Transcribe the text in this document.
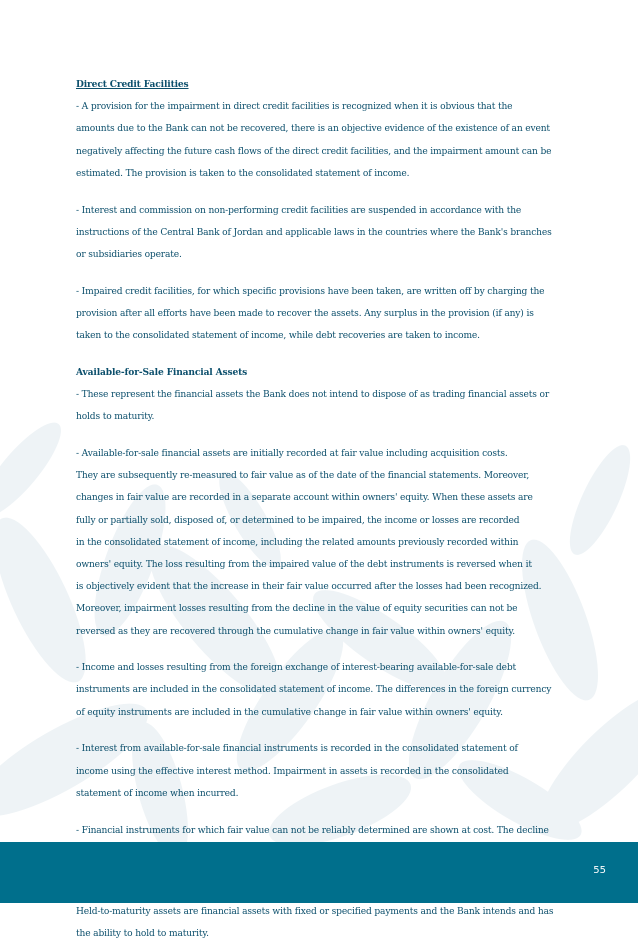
Direct Credit Facilities
- A provision for the impairment in direct credit facilities is recognized when it is obvious that the
amounts due to the Bank can not be recovered, there is an objective evidence of the existence of an event
negatively affecting the future cash flows of the direct credit facilities, and the impairment amount can be
estimated. The provision is taken to the consolidated statement of income.
- Interest and commission on non-performing credit facilities are suspended in accordance with the
instructions of the Central Bank of Jordan and applicable laws in the countries where the Bank's branches
or subsidiaries operate.
- Impaired credit facilities, for which specific provisions have been taken, are written off by charging the
provision after all efforts have been made to recover the assets. Any surplus in the provision (if any) is
taken to the consolidated statement of income, while debt recoveries are taken to income.
Available-for-Sale Financial Assets
- These represent the financial assets the Bank does not intend to dispose of as trading financial assets or
holds to maturity.
- Available-for-sale financial assets are initially recorded at fair value including acquisition costs.
They are subsequently re-measured to fair value as of the date of the financial statements. Moreover,
changes in fair value are recorded in a separate account within owners' equity. When these assets are
fully or partially sold, disposed of, or determined to be impaired, the income or losses are recorded
in the consolidated statement of income, including the related amounts previously recorded within
owners' equity. The loss resulting from the impaired value of the debt instruments is reversed when it
is objectively evident that the increase in their fair value occurred after the losses had been recognized.
Moreover, impairment losses resulting from the decline in the value of equity securities can not be
reversed as they are recovered through the cumulative change in fair value within owners' equity.
- Income and losses resulting from the foreign exchange of interest-bearing available-for-sale debt
instruments are included in the consolidated statement of income. The differences in the foreign currency
of equity instruments are included in the cumulative change in fair value within owners' equity.
- Interest from available-for-sale financial instruments is recorded in the consolidated statement of
income using the effective interest method. Impairment in assets is recorded in the consolidated
statement of income when incurred.
- Financial instruments for which fair value can not be reliably determined are shown at cost. The decline
Held-to-maturity assets are financial assets with fixed or specified payments and the Bank intends and has
the ability to hold to maturity.
55
